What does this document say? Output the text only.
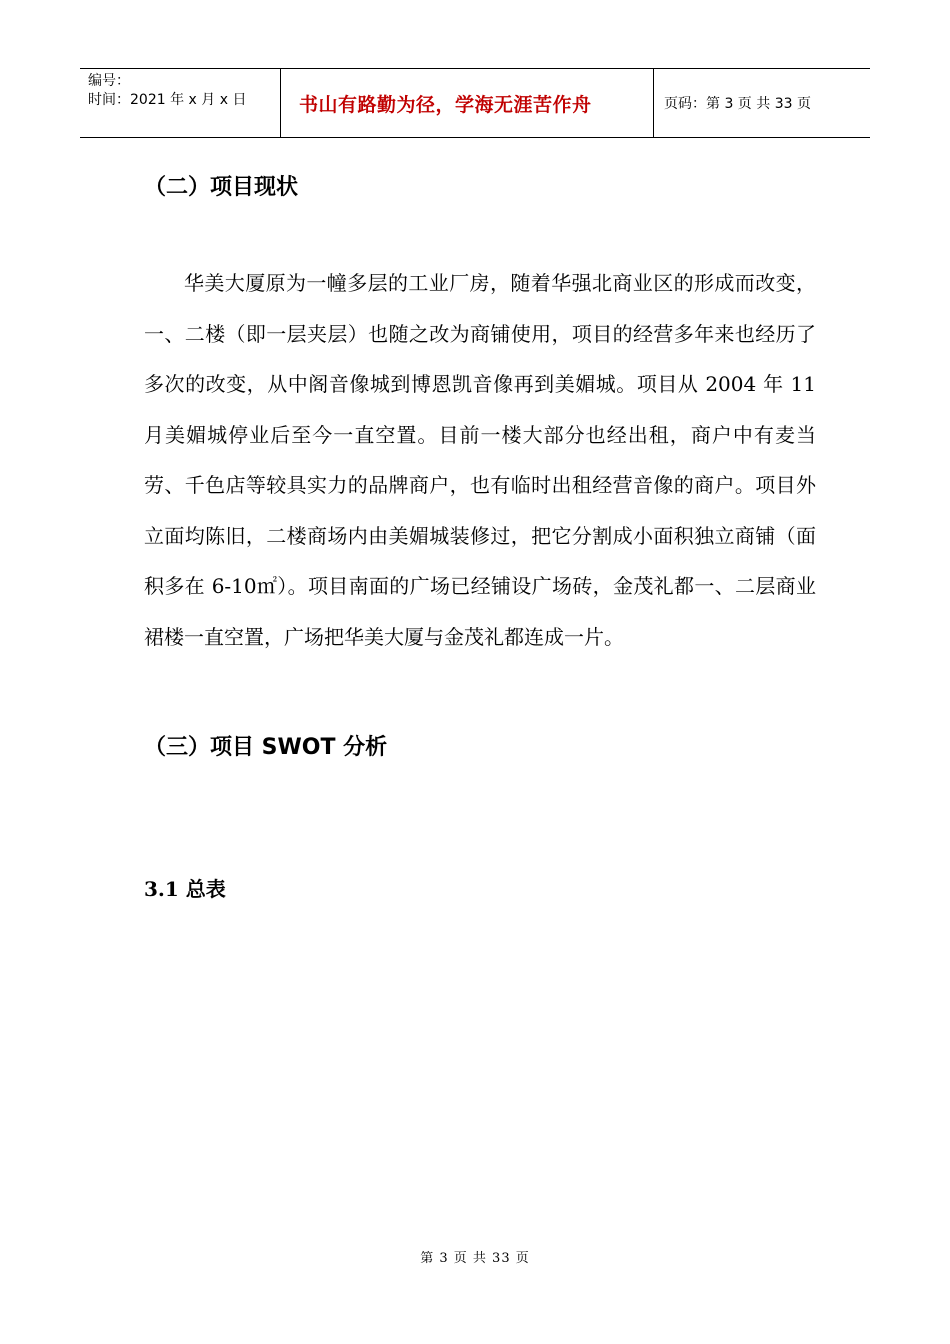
编号：
时间：2021 年 x 月 x 日	书山有路勤为径，学海无涯苦作舟	页码：第 3 页 共 33 页
（二）项目现状

华美大厦原为一幢多层的工业厂房，随着华强北商业区的形成而改变，一、二楼（即一层夹层）也随之改为商铺使用，项目的经营多年来也经历了多次的改变，从中阁音像城到博恩凯音像再到美媚城。项目从 2004 年 11 月美媚城停业后至今一直空置。目前一楼大部分也经出租，商户中有麦当劳、千色店等较具实力的品牌商户，也有临时出租经营音像的商户。项目外立面均陈旧，二楼商场内由美媚城装修过，把它分割成小面积独立商铺（面积多在 6-10㎡）。项目南面的广场已经铺设广场砖，金茂礼都一、二层商业裙楼一直空置，广场把华美大厦与金茂礼都连成一片。

（三）项目 SWOT 分析
3.1 总表
第 3 页 共 33 页
